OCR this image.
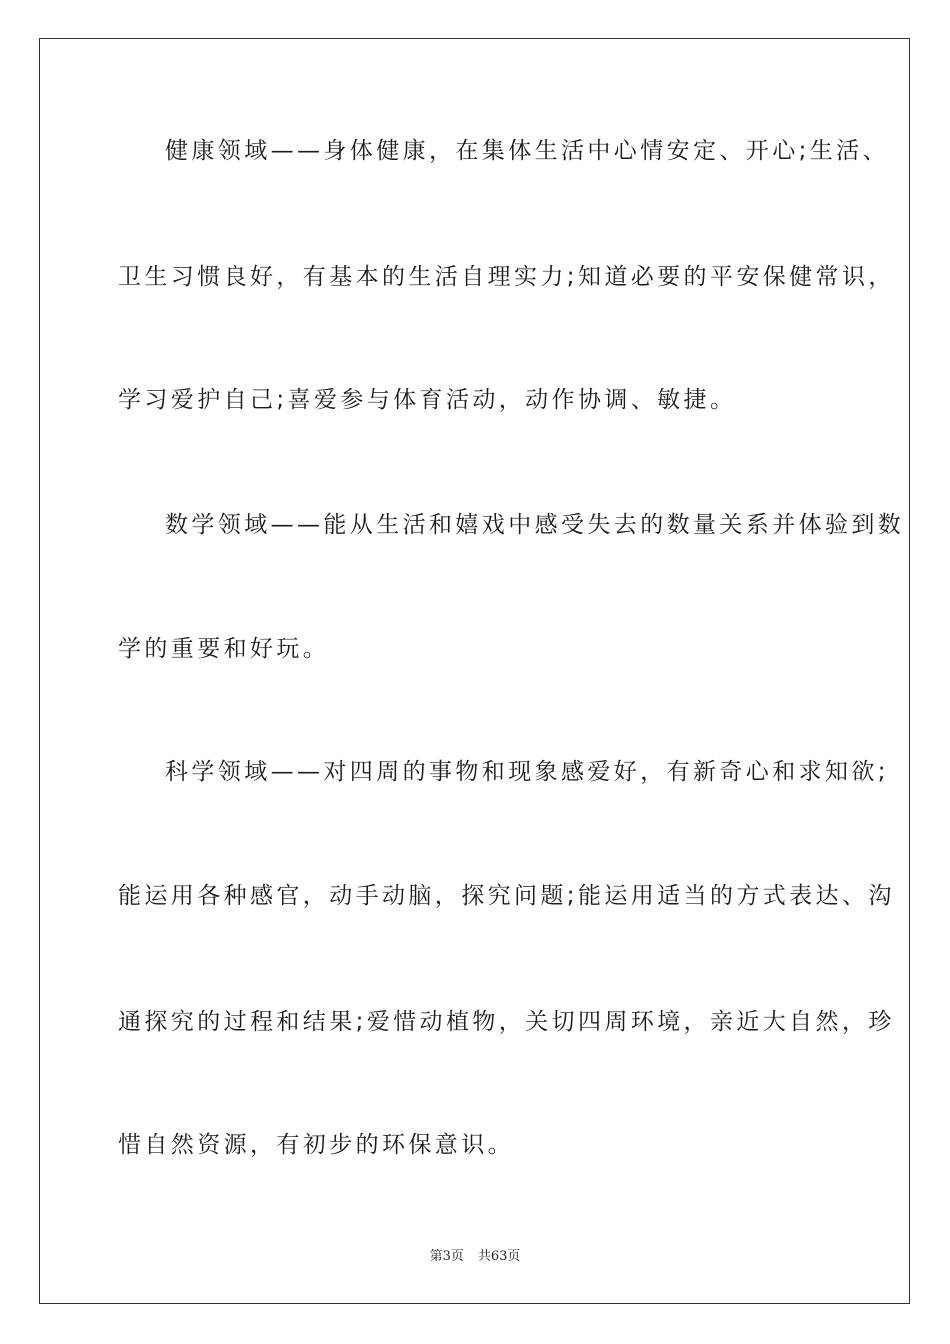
健康领域——身体健康，在集体生活中心情安定、开心;生活、
卫生习惯良好，有基本的生活自理实力;知道必要的平安保健常识，
学习爱护自己;喜爱参与体育活动，动作协调、敏捷。
数学领域——能从生活和嬉戏中感受失去的数量关系并体验到数
学的重要和好玩。
科学领域——对四周的事物和现象感爱好，有新奇心和求知欲;
能运用各种感官，动手动脑，探究问题;能运用适当的方式表达、沟
通探究的过程和结果;爱惜动植物，关切四周环境，亲近大自然，珍
惜自然资源，有初步的环保意识。
第3页 共63页
